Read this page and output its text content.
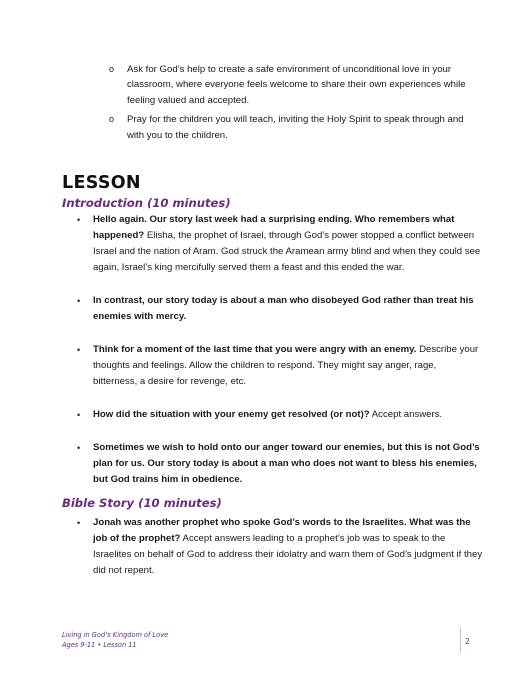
o Ask for God’s help to create a safe environment of unconditional love in your classroom, where everyone feels welcome to share their own experiences while feeling valued and accepted.
o Pray for the children you will teach, inviting the Holy Spirit to speak through and with you to the children.
LESSON
Introduction (10 minutes)
• Hello again. Our story last week had a surprising ending. Who remembers what happened? Elisha, the prophet of Israel, through God’s power stopped a conflict between Israel and the nation of Aram. God struck the Aramean army blind and when they could see again, Israel’s king mercifully served them a feast and this ended the war.
• In contrast, our story today is about a man who disobeyed God rather than treat his enemies with mercy.
• Think for a moment of the last time that you were angry with an enemy. Describe your thoughts and feelings. Allow the children to respond. They might say anger, rage, bitterness, a desire for revenge, etc.
• How did the situation with your enemy get resolved (or not)? Accept answers.
• Sometimes we wish to hold onto our anger toward our enemies, but this is not God’s plan for us. Our story today is about a man who does not want to bless his enemies, but God trains him in obedience.
Bible Story (10 minutes)
• Jonah was another prophet who spoke God’s words to the Israelites. What was the job of the prophet? Accept answers leading to a prophet’s job was to speak to the Israelites on behalf of God to address their idolatry and warn them of God’s judgment if they did not repent.
Living in God’s Kingdom of Love
Ages 9-11 • Lesson 11	2
